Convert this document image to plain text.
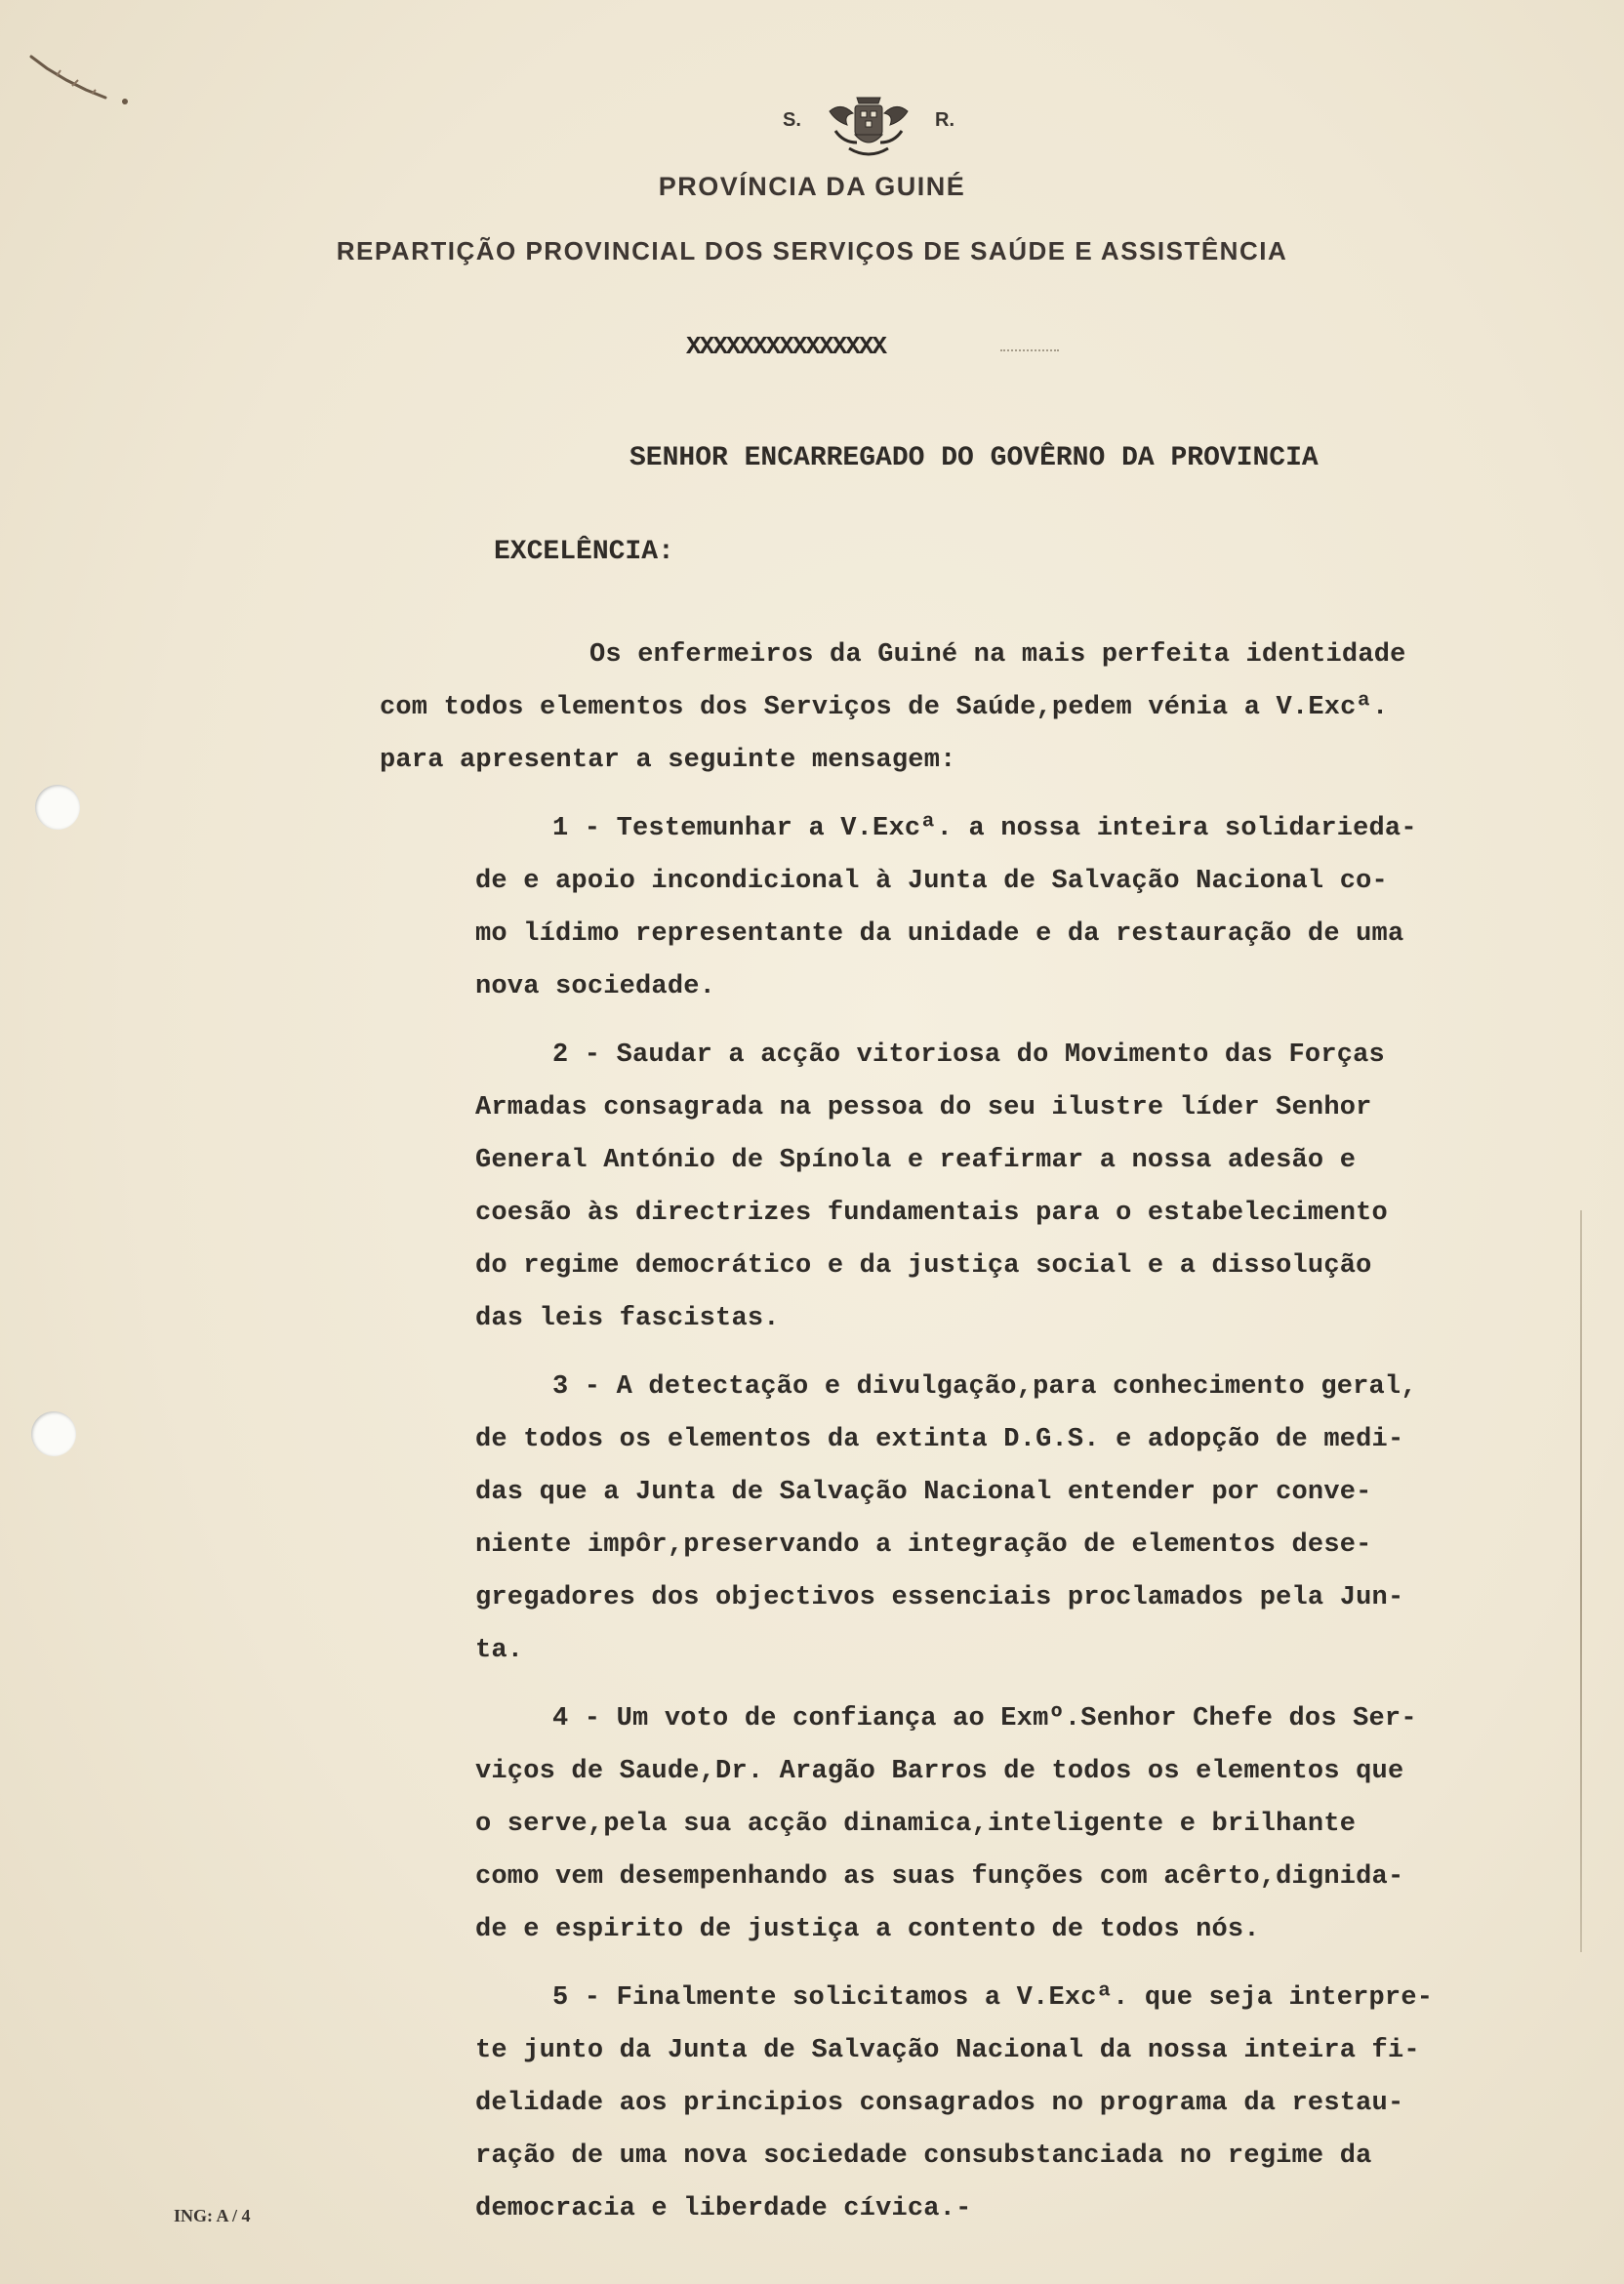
S.	R.
PROVÍNCIA DA GUINÉ
REPARTIÇÃO PROVINCIAL DOS SERVIÇOS DE SAÚDE E ASSISTÊNCIA
XXXXXXXXXXXXXXX
SENHOR ENCARREGADO DO GOVÊRNO DA PROVINCIA
EXCELÊNCIA:
Os enfermeiros da Guiné na mais perfeita identidade
com todos elementos dos Serviços de Saúde,pedem vénia a V.Excª.
para apresentar a seguinte mensagem:
1 - Testemunhar a V.Excª. a nossa inteira solidarieda-
de e apoio incondicional à Junta de Salvação Nacional co-
mo lídimo representante da unidade e da restauração de uma
nova sociedade.
2 - Saudar a acção vitoriosa do Movimento das Forças
Armadas consagrada na pessoa do seu ilustre líder Senhor
General António de Spínola e reafirmar a nossa adesão e
coesão às directrizes fundamentais para o estabelecimento
do regime democrático e da justiça social e a dissolução
das leis fascistas.
3 - A detectação e divulgação,para conhecimento geral,
de todos os elementos da extinta D.G.S. e adopção de medi-
das que a Junta de Salvação Nacional entender por conve-
niente impôr,preservando a integração de elementos dese-
gregadores dos objectivos essenciais proclamados pela Jun-
ta.
4 - Um voto de confiança ao Exmº.Senhor Chefe dos Ser-
viços de Saude,Dr. Aragão Barros de todos os elementos que
o serve,pela sua acção dinamica,inteligente e brilhante
como vem desempenhando as suas funções com acêrto,dignida-
de e espirito de justiça a contento de todos nós.
5 - Finalmente solicitamos a V.Excª. que seja interpre-
te junto da Junta de Salvação Nacional da nossa inteira fi-
delidade aos principios consagrados no programa da restau-
ração de uma nova sociedade consubstanciada no regime da
democracia e liberdade cívica.-
ING: A / 4
